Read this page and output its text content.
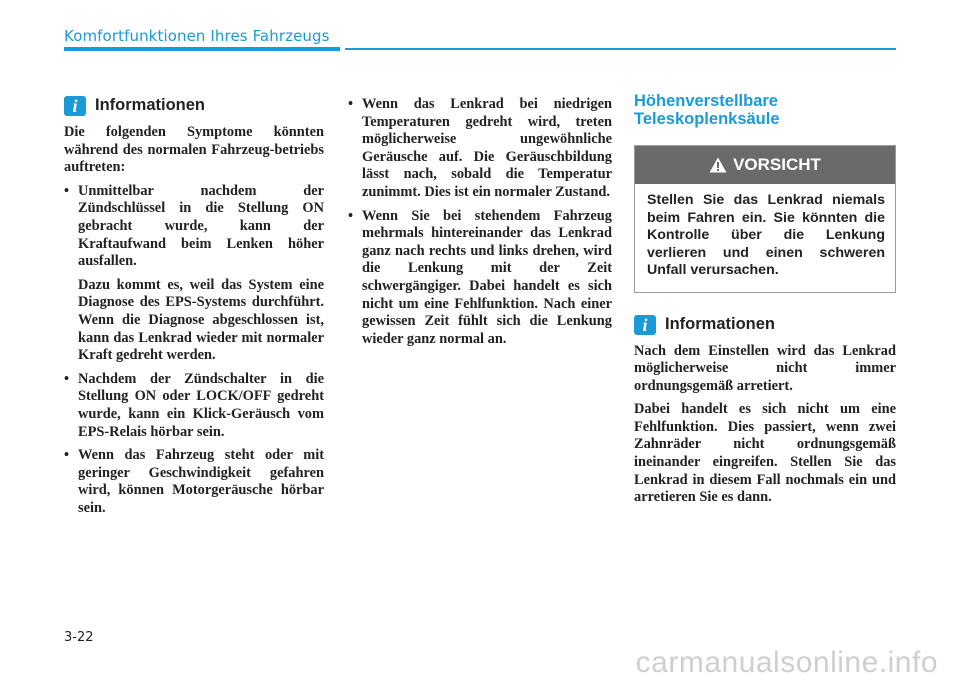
Komfortfunktionen Ihres Fahrzeugs
i	Informationen

Die folgenden Symptome könnten während des normalen Fahrzeug-betriebs auftreten:

• Unmittelbar nachdem der Zündschlüssel in die Stellung ON gebracht wurde, kann der Kraftaufwand beim Lenken höher ausfallen.
Dazu kommt es, weil das System eine Diagnose des EPS-Systems durchführt. Wenn die Diagnose abgeschlossen ist, kann das Lenkrad wieder mit normaler Kraft gedreht werden.
• Nachdem der Zündschalter in die Stellung ON oder LOCK/OFF gedreht wurde, kann ein Klick-Geräusch vom EPS-Relais hörbar sein.
• Wenn das Fahrzeug steht oder mit geringer Geschwindigkeit gefahren wird, können Motorgeräusche hörbar sein.
• Wenn das Lenkrad bei niedrigen Temperaturen gedreht wird, treten möglicherweise ungewöhnliche Geräusche auf. Die Geräuschbildung lässt nach, sobald die Temperatur zunimmt. Dies ist ein normaler Zustand.
• Wenn Sie bei stehendem Fahrzeug mehrmals hintereinander das Lenkrad ganz nach rechts und links drehen, wird die Lenkung mit der Zeit schwergängiger. Dabei handelt es sich nicht um eine Fehlfunktion. Nach einer gewissen Zeit fühlt sich die Lenkung wieder ganz normal an.
Höhenverstellbare
Teleskoplenksäule
VORSICHT
Stellen Sie das Lenkrad niemals beim Fahren ein. Sie könnten die Kontrolle über die Lenkung verlieren und einen schweren Unfall verursachen.
i	Informationen

Nach dem Einstellen wird das Lenkrad möglicherweise nicht immer ordnungsgemäß arretiert.

Dabei handelt es sich nicht um eine Fehlfunktion. Dies passiert, wenn zwei Zahnräder nicht ordnungsgemäß ineinander eingreifen. Stellen Sie das Lenkrad in diesem Fall nochmals ein und arretieren Sie es dann.

3-22
carmanualsonline.info
